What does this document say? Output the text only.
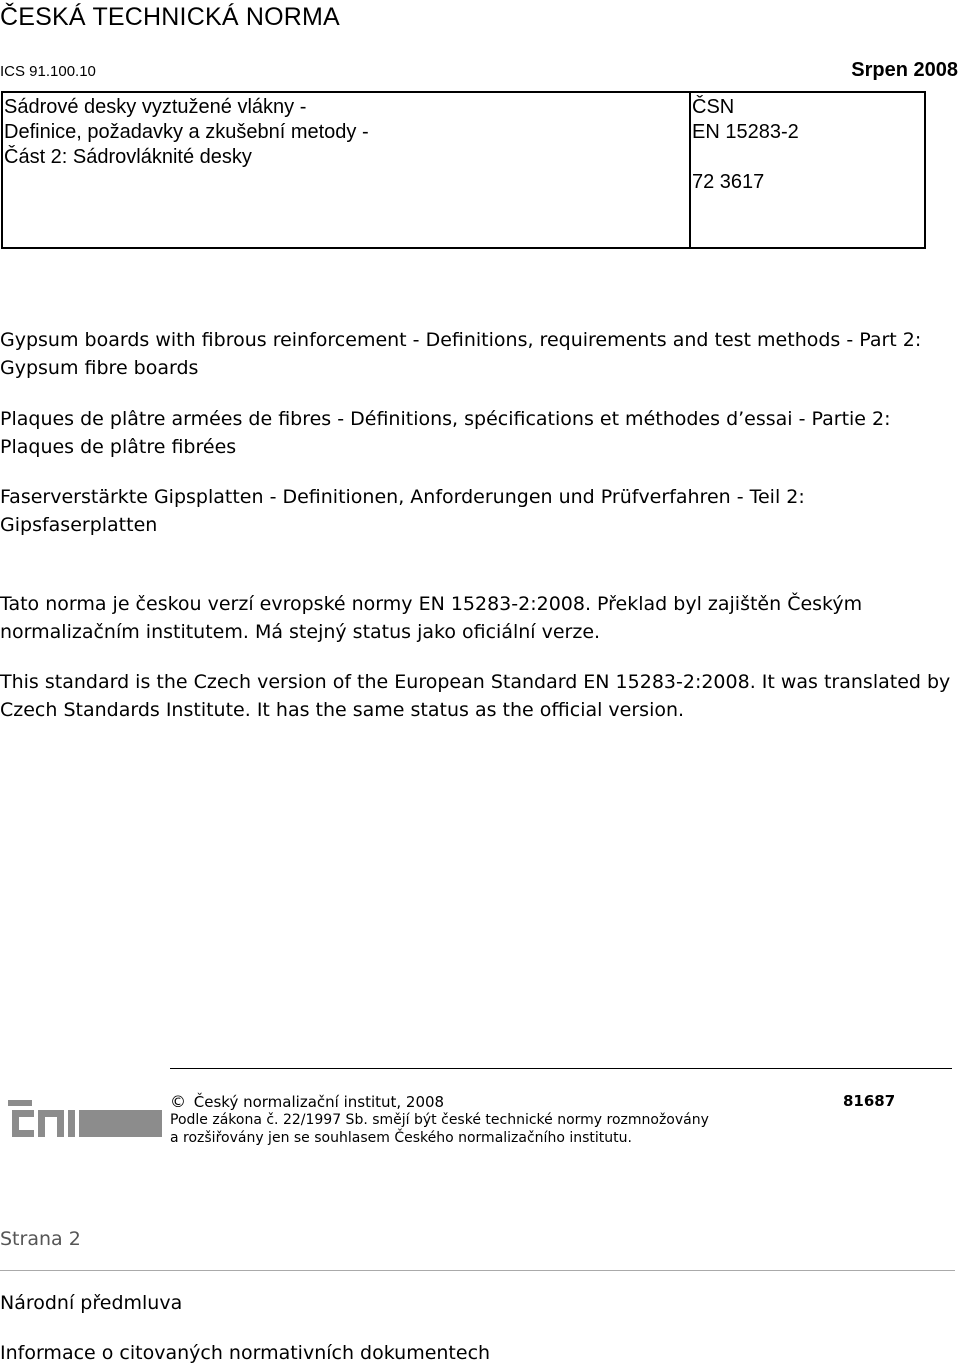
ČESKÁ TECHNICKÁ NORMA
ICS 91.100.10	Srpen 2008
Sádrové desky vyztužené vlákny -
Definice, požadavky a zkušební metody -
Část 2: Sádrovláknité desky
ČSN
EN 15283-2
72 3617
Gypsum boards with fibrous reinforcement - Definitions, requirements and test methods - Part 2: Gypsum fibre boards
Plaques de plâtre armées de fibres - Définitions, spécifications et méthodes d’essai - Partie 2: Plaques de plâtre fibrées
Faserverstärkte Gipsplatten - Definitionen, Anforderungen und Prüfverfahren - Teil 2: Gipsfaserplatten
Tato norma je českou verzí evropské normy EN 15283-2:2008. Překlad byl zajištěn Českým normalizačním institutem. Má stejný status jako oficiální verze.
This standard is the Czech version of the European Standard EN 15283-2:2008. It was translated by Czech Standards Institute. It has the same status as the official version.
© Český normalizační institut, 2008	81687
Podle zákona č. 22/1997 Sb. smějí být české technické normy rozmnožovány
a rozšiřovány jen se souhlasem Českého normalizačního institutu.
Strana 2
Národní předmluva
Informace o citovaných normativních dokumentech
